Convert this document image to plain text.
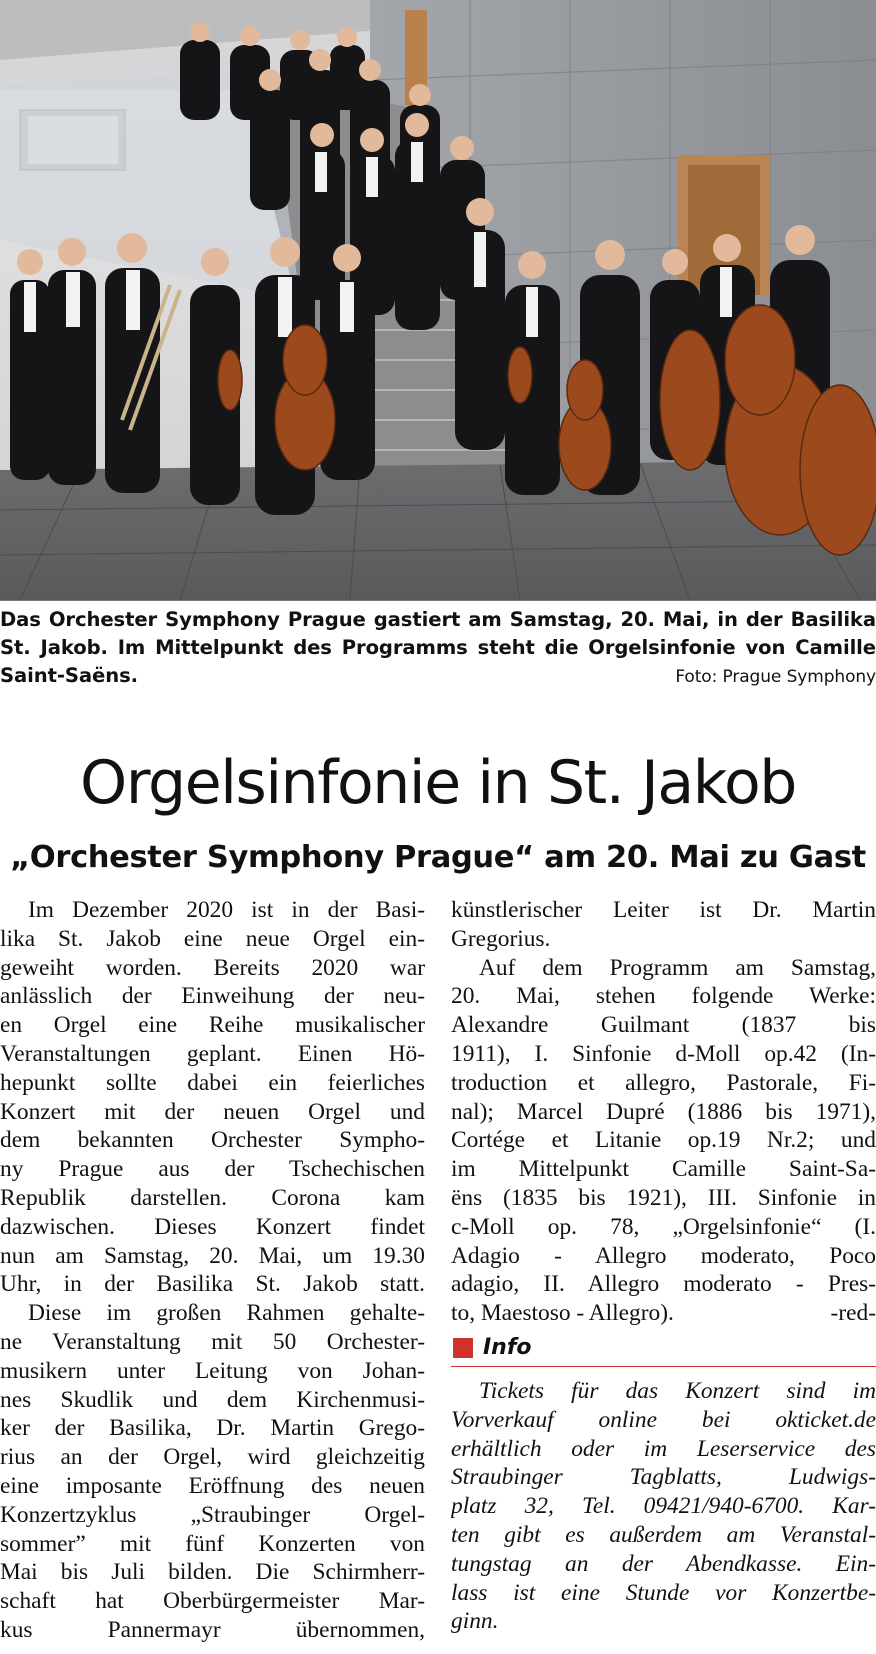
Das Orchester Symphony Prague gastiert am Samstag, 20. Mai, in der Basilika
St. Jakob. Im Mittelpunkt des Programms steht die Orgelsinfonie von Camille
Saint-Saëns.	Foto: Prague Symphony
Orgelsinfonie in St. Jakob
„Orchester Symphony Prague“ am 20. Mai zu Gast
Im Dezember 2020 ist in der Basi-
lika St. Jakob eine neue Orgel ein-
geweiht worden. Bereits 2020 war
anlässlich der Einweihung der neu-
en Orgel eine Reihe musikalischer
Veranstaltungen geplant. Einen Hö-
hepunkt sollte dabei ein feierliches
Konzert mit der neuen Orgel und
dem bekannten Orchester Sympho-
ny Prague aus der Tschechischen
Republik darstellen. Corona kam
dazwischen. Dieses Konzert findet
nun am Samstag, 20. Mai, um 19.30
Uhr, in der Basilika St. Jakob statt.
Diese im großen Rahmen gehalte-
ne Veranstaltung mit 50 Orchester-
musikern unter Leitung von Johan-
nes Skudlik und dem Kirchenmusi-
ker der Basilika, Dr. Martin Grego-
rius an der Orgel, wird gleichzeitig
eine imposante Eröffnung des neuen
Konzertzyklus „Straubinger Orgel-
sommer” mit fünf Konzerten von
Mai bis Juli bilden. Die Schirmherr-
schaft hat Oberbürgermeister Mar-
kus Pannermayr übernommen,
künstlerischer Leiter ist Dr. Martin
Gregorius.
Auf dem Programm am Samstag,
20. Mai, stehen folgende Werke:
Alexandre Guilmant (1837 bis
1911), I. Sinfonie d-Moll op.42 (In-
troduction et allegro, Pastorale, Fi-
nal); Marcel Dupré (1886 bis 1971),
Cortége et Litanie op.19 Nr.2; und
im Mittelpunkt Camille Saint-Sa-
ëns (1835 bis 1921), III. Sinfonie in
c-Moll op. 78, „Orgelsinfonie“ (I.
Adagio - Allegro moderato, Poco
adagio, II. Allegro moderato - Pres-
to, Maestoso - Allegro).	-red-
Info
Tickets für das Konzert sind im
Vorverkauf online bei okticket.de
erhältlich oder im Leserservice des
Straubinger Tagblatts, Ludwigs-
platz 32, Tel. 09421/940-6700. Kar-
ten gibt es außerdem am Veranstal-
tungstag an der Abendkasse. Ein-
lass ist eine Stunde vor Konzertbe-
ginn.
